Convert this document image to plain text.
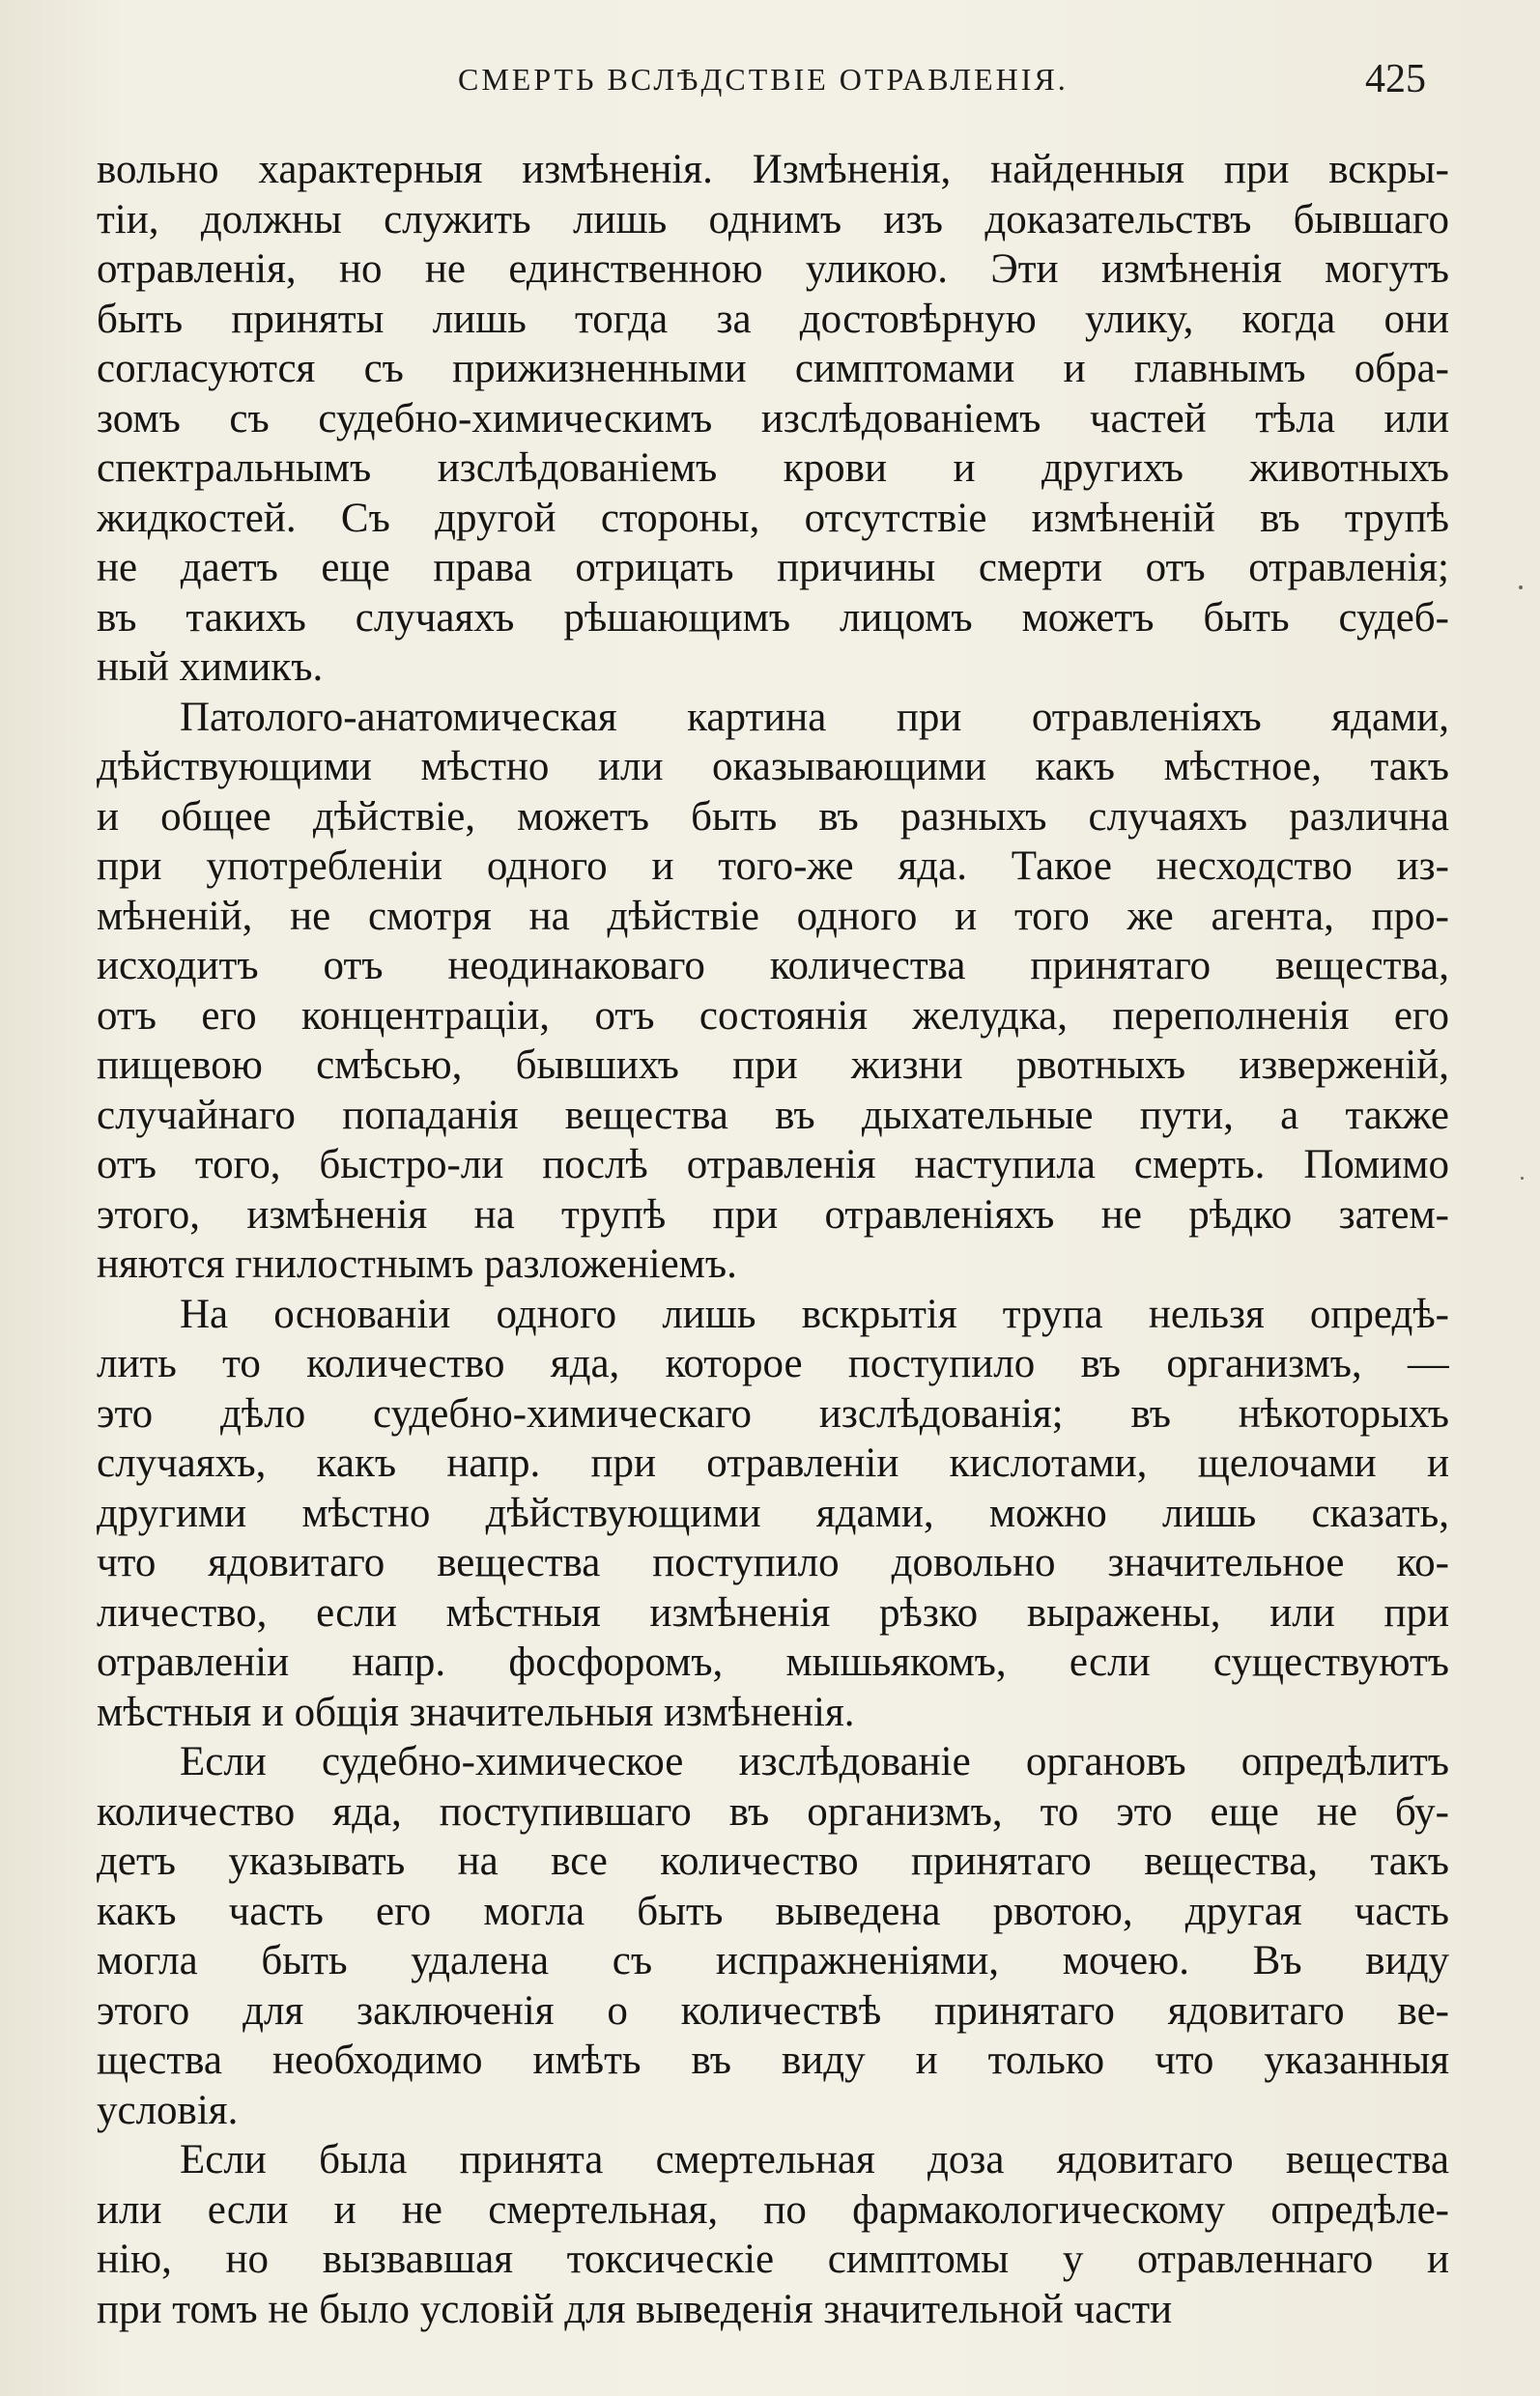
СМЕРТЬ ВСЛѢДСТВІЕ ОТРАВЛЕНІЯ.	425
вольно характерныя измѣненія. Измѣненія, найденныя при вскры-
тіи, должны служить лишь однимъ изъ доказательствъ бывшаго
отравленія, но не единственною уликою. Эти измѣненія могутъ
быть приняты лишь тогда за достовѣрную улику, когда они
согласуются съ прижизненными симптомами и главнымъ обра-
зомъ съ судебно-химическимъ изслѣдованіемъ частей тѣла или
спектральнымъ изслѣдованіемъ крови и другихъ животныхъ
жидкостей. Съ другой стороны, отсутствіе измѣненій въ трупѣ
не даетъ еще права отрицать причины смерти отъ отравленія;
въ такихъ случаяхъ рѣшающимъ лицомъ можетъ быть судеб-
ный химикъ.
Патолого-анатомическая картина при отравленіяхъ ядами,
дѣйствующими мѣстно или оказывающими какъ мѣстное, такъ
и общее дѣйствіе, можетъ быть въ разныхъ случаяхъ различна
при употребленіи одного и того-же яда. Такое несходство из-
мѣненій, не смотря на дѣйствіе одного и того же агента, про-
исходитъ отъ неодинаковаго количества принятаго вещества,
отъ его концентраціи, отъ состоянія желудка, переполненія его
пищевою смѣсью, бывшихъ при жизни рвотныхъ изверженій,
случайнаго попаданія вещества въ дыхательные пути, а также
отъ того, быстро-ли послѣ отравленія наступила смерть. Помимо
этого, измѣненія на трупѣ при отравленіяхъ не рѣдко затем-
няются гнилостнымъ разложеніемъ.
На основаніи одного лишь вскрытія трупа нельзя опредѣ-
лить то количество яда, которое поступило въ организмъ, —
это дѣло судебно-химическаго изслѣдованія; въ нѣкоторыхъ
случаяхъ, какъ напр. при отравленіи кислотами, щелочами и
другими мѣстно дѣйствующими ядами, можно лишь сказать,
что ядовитаго вещества поступило довольно значительное ко-
личество, если мѣстныя измѣненія рѣзко выражены, или при
отравленіи напр. фосфоромъ, мышьякомъ, если существуютъ
мѣстныя и общія значительныя измѣненія.
Если судебно-химическое изслѣдованіе органовъ опредѣлитъ
количество яда, поступившаго въ организмъ, то это еще не бу-
детъ указывать на все количество принятаго вещества, такъ
какъ часть его могла быть выведена рвотою, другая часть
могла быть удалена съ испражненіями, мочею. Въ виду
этого для заключенія о количествѣ принятаго ядовитаго ве-
щества необходимо имѣть въ виду и только что указанныя
условія.
Если была принята смертельная доза ядовитаго вещества
или если и не смертельная, по фармакологическому опредѣле-
нію, но вызвавшая токсическіе симптомы у отравленнаго и
при томъ не было условій для выведенія значительной части
